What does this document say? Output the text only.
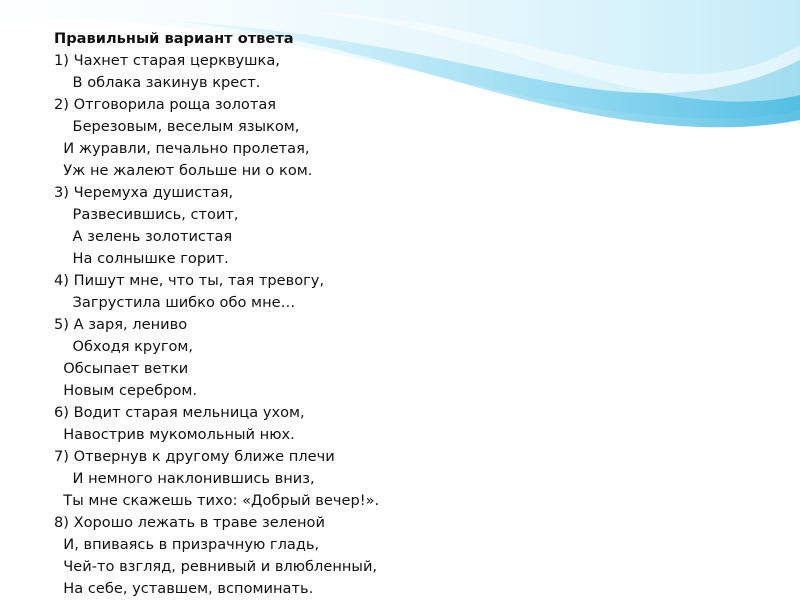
Правильный вариант ответа
1) Чахнет старая церквушка,
В облака закинув крест.
2) Отговорила роща золотая
Березовым, веселым языком,
И журавли, печально пролетая,
Уж не жалеют больше ни о ком.
3) Черемуха душистая,
Развесившись, стоит,
А зелень золотистая
На солнышке горит.
4) Пишут мне, что ты, тая тревогу,
Загрустила шибко обо мне…
5) А заря, лениво
Обходя кругом,
Обсыпает ветки
Новым серебром.
6) Водит старая мельница ухом,
Навострив мукомольный нюх.
7) Отвернув к другому ближе плечи
И немного наклонившись вниз,
Ты мне скажешь тихо: «Добрый вечер!».
8) Хорошо лежать в траве зеленой
И, впиваясь в призрачную гладь,
Чей-то взгляд, ревнивый и влюбленный,
На себе, уставшем, вспоминать.
